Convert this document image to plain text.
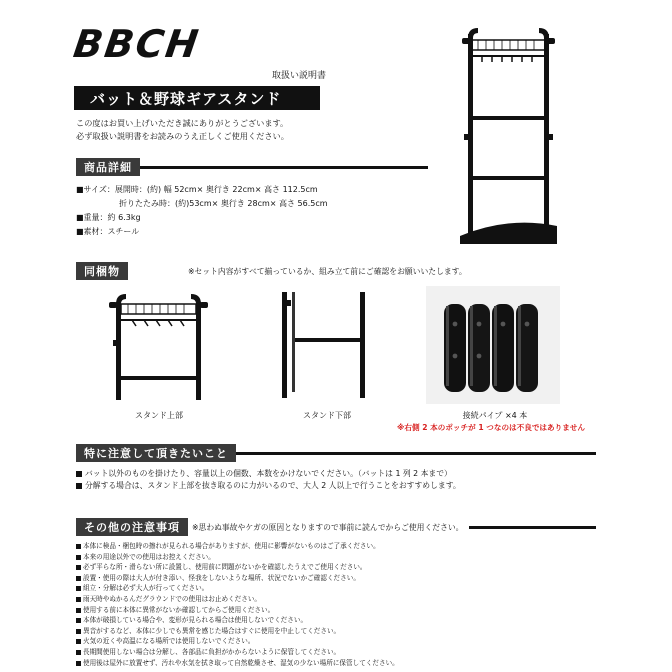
BBCH
取扱い説明書
バット＆野球ギアスタンド
この度はお買い上げいただき誠にありがとうございます。
必ず取扱い説明書をお読みのうえ正しくご使用ください。
商品詳細
■サイズ： 展開時：(約) 幅 52cm× 奥行き 22cm× 高さ 112.5cm
折りたたみ時：(約)53cm× 奥行き 28cm× 高さ 56.5cm
■重量：約 6.3kg
■素材：スチール
同梱物	※セット内容がすべて揃っているか、組み立て前にご確認をお願いいたします。
スタンド上部	スタンド下部	接続パイプ ×4 本
※右側 2 本のポッチが 1 つなのは不良ではありません
特に注意して頂きたいこと
バット以外のものを掛けたり、容量以上の個数、本数をかけないでください。（バットは 1 列 2 本まで）
分解する場合は、スタンド上部を抜き取るのに力がいるので、大人 2 人以上で行うことをおすすめします。
その他の注意事項	※思わぬ事故やケガの原因となりますので事前に読んでからご使用ください。
本体に検品・梱包時の擦れが見られる場合がありますが、使用に影響がないものはご了承ください。
本来の用途以外での使用はお控えください。
必ず平らな所・滑らない所に設置し、使用前に問題がないかを確認したうえでご使用ください。
設置・使用の際は大人が付き添い、怪我をしないような場所、状況でないかご確認ください。
組立・分解は必ず大人が行ってください。
雨天時やぬかるんだグラウンドでの使用はお止めください。
使用する前に本体に異常がないか確認してからご使用ください。
本体が破損している場合や、変形が見られる場合は使用しないでください。
異音がするなど、本体に少しでも異常を感じた場合はすぐに使用を中止してください。
火気の近くや高温になる場所では使用しないでください。
長期間使用しない場合は分解し、各部品に負担がかからないように保管してください。
使用後は屋外に放置せず、汚れや水気を拭き取って自然乾燥させ、湿気の少ない場所に保管してください。
